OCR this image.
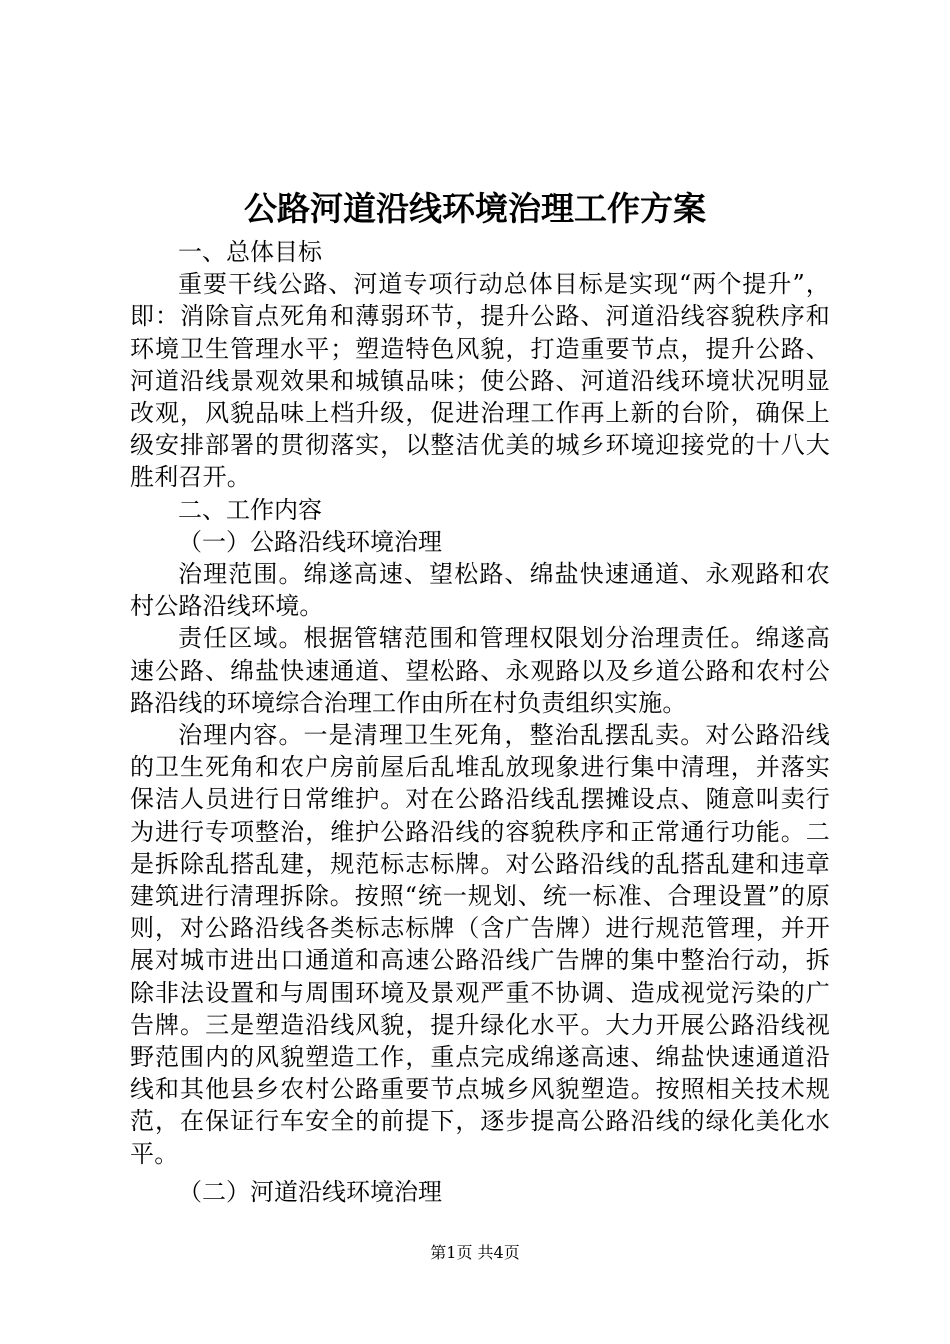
公路河道沿线环境治理工作方案
一、总体目标

重要干线公路、河道专项行动总体目标是实现“两个提升”，即：消除盲点死角和薄弱环节，提升公路、河道沿线容貌秩序和环境卫生管理水平；塑造特色风貌，打造重要节点，提升公路、河道沿线景观效果和城镇品味；使公路、河道沿线环境状况明显改观，风貌品味上档升级，促进治理工作再上新的台阶，确保上级安排部署的贯彻落实，以整洁优美的城乡环境迎接党的十八大胜利召开。

二、工作内容
（一）公路沿线环境治理

治理范围。绵遂高速、望松路、绵盐快速通道、永观路和农村公路沿线环境。

责任区域。根据管辖范围和管理权限划分治理责任。绵遂高速公路、绵盐快速通道、望松路、永观路以及乡道公路和农村公路沿线的环境综合治理工作由所在村负责组织实施。

治理内容。一是清理卫生死角，整治乱摆乱卖。对公路沿线的卫生死角和农户房前屋后乱堆乱放现象进行集中清理，并落实保洁人员进行日常维护。对在公路沿线乱摆摊设点、随意叫卖行为进行专项整治，维护公路沿线的容貌秩序和正常通行功能。二是拆除乱搭乱建，规范标志标牌。对公路沿线的乱搭乱建和违章建筑进行清理拆除。按照“统一规划、统一标准、合理设置”的原则，对公路沿线各类标志标牌（含广告牌）进行规范管理，并开展对城市进出口通道和高速公路沿线广告牌的集中整治行动，拆除非法设置和与周围环境及景观严重不协调、造成视觉污染的广告牌。三是塑造沿线风貌，提升绿化水平。大力开展公路沿线视野范围内的风貌塑造工作，重点完成绵遂高速、绵盐快速通道沿线和其他县乡农村公路重要节点城乡风貌塑造。按照相关技术规范，在保证行车安全的前提下，逐步提高公路沿线的绿化美化水平。

（二）河道沿线环境治理
第1页 共4页
